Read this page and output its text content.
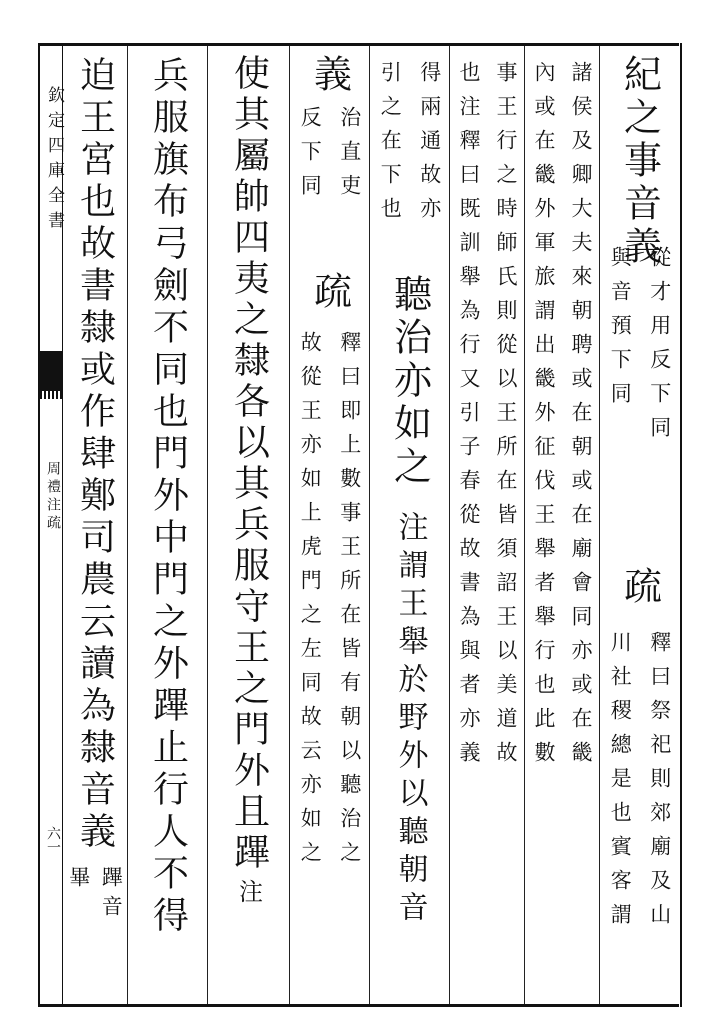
欽定四庫全書
周禮注疏
六一
紀之事音義
從才用反下同
與音預下同
疏
釋曰祭祀則郊廟及山
川社稷總是也賓客謂
諸侯及卿大夫來朝聘或在朝或在廟會同亦或在畿
內或在畿外軍旅謂出畿外征伐王舉者舉行也此數
事王行之時師氏則從以王所在皆須詔王以美道故
也注釋曰既訓舉為行又引子春從故書為與者亦義
得兩通故亦
引之在下也
聽治亦如之
注謂王舉於野外以聽朝音
義
治直吏
反下同
疏
釋曰即上數事王所在皆有朝以聽治之
故從王亦如上虎門之左同故云亦如之
使其屬帥四夷之隸各以其兵服守王之門外且蹕 注
兵服旗布弓劍不同也門外中門之外蹕止行人不得
迫王宮也故書隸或作肆鄭司農云讀為隸音義
蹕音
畢
